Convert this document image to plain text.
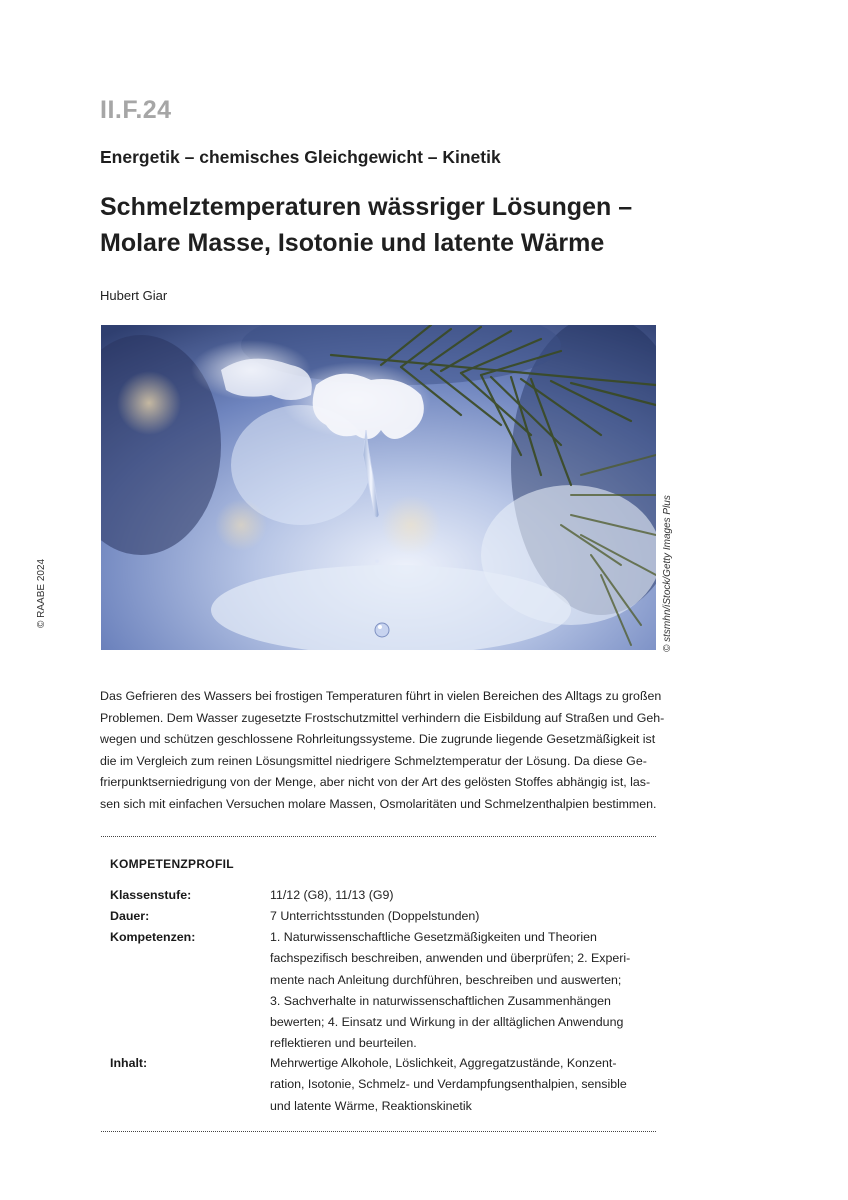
II.F.24
Energetik – chemisches Gleichgewicht – Kinetik
Schmelztemperaturen wässriger Lösungen –
Molare Masse, Isotonie und latente Wärme
Hubert Giar
© stsmhn/iStock/Getty Images Plus
© RAABE 2024
Das Gefrieren des Wassers bei frostigen Temperaturen führt in vielen Bereichen des Alltags zu großen
Problemen. Dem Wasser zugesetzte Frostschutzmittel verhindern die Eisbildung auf Straßen und Geh-
wegen und schützen geschlossene Rohrleitungssysteme. Die zugrunde liegende Gesetzmäßigkeit ist
die im Vergleich zum reinen Lösungsmittel niedrigere Schmelztemperatur der Lösung. Da diese Ge-
frierpunktserniedrigung von der Menge, aber nicht von der Art des gelösten Stoffes abhängig ist, las-
sen sich mit einfachen Versuchen molare Massen, Osmolaritäten und Schmelzenthalpien bestimmen.
KOMPETENZPROFIL
Klassenstufe:	11/12 (G8), 11/13 (G9)
Dauer:	7 Unterrichtsstunden (Doppelstunden)
Kompetenzen:	1. Naturwissenschaftliche Gesetzmäßigkeiten und Theorien
fachspezifisch beschreiben, anwenden und überprüfen; 2. Experi-
mente nach Anleitung durchführen, beschreiben und auswerten;
3. Sachverhalte in naturwissenschaftlichen Zusammenhängen
bewerten; 4. Einsatz und Wirkung in der alltäglichen Anwendung
reflektieren und beurteilen.
Inhalt:	Mehrwertige Alkohole, Löslichkeit, Aggregatzustände, Konzent-
ration, Isotonie, Schmelz- und Verdampfungsenthalpien, sensible
und latente Wärme, Reaktionskinetik
